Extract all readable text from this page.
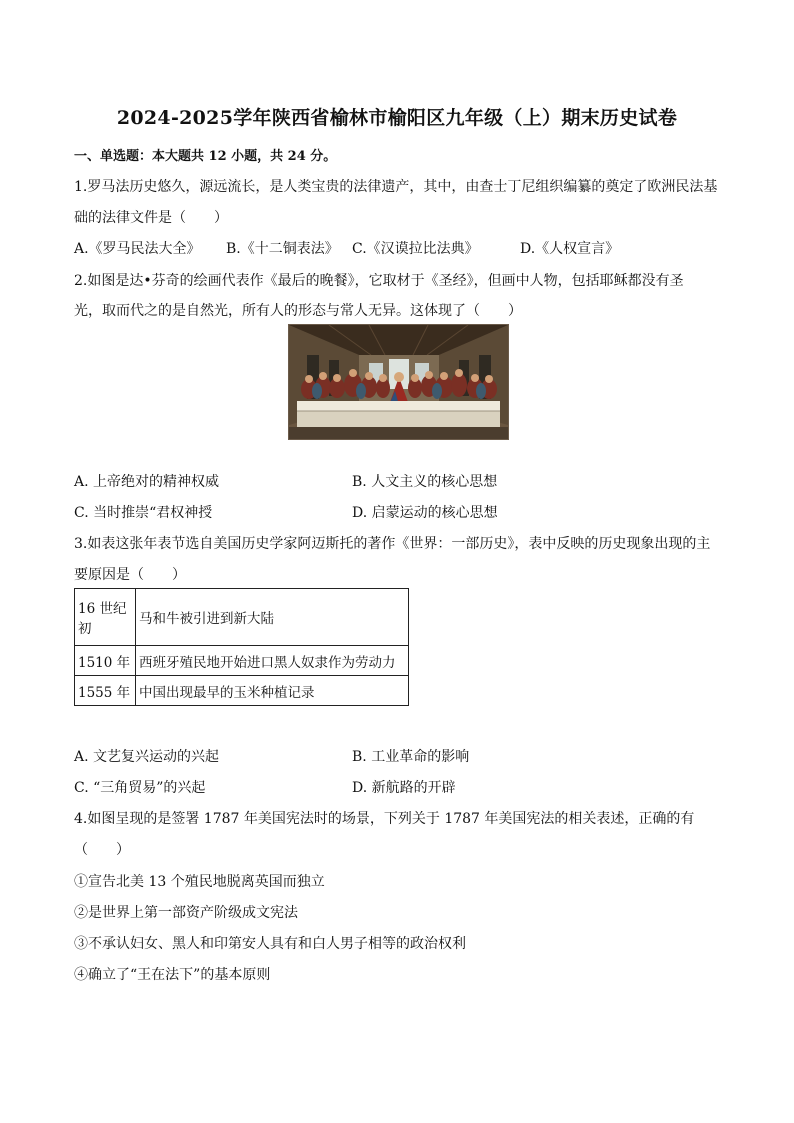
2024-2025学年陕西省榆林市榆阳区九年级（上）期末历史试卷
一、单选题：本大题共 12 小题，共 24 分。
1.罗马法历史悠久，源远流长，是人类宝贵的法律遗产，其中，由查士丁尼组织编纂的奠定了欧洲民法基
础的法律文件是（　　）
A.《罗马民法大全》 B.《十二铜表法》 C.《汉谟拉比法典》	D.《人权宣言》
2.如图是达•芬奇的绘画代表作《最后的晚餐》，它取材于《圣经》，但画中人物，包括耶稣都没有圣
光，取而代之的是自然光，所有人的形态与常人无异。这体现了（　　）
A. 上帝绝对的精神权威	B. 人文主义的核心思想
C. 当时推崇“君权神授	D. 启蒙运动的核心思想
3.如表这张年表节选自美国历史学家阿迈斯托的著作《世界：一部历史》，表中反映的历史现象出现的主
要原因是（　　）
16 世纪初	马和牛被引进到新大陆
1510 年	西班牙殖民地开始进口黑人奴隶作为劳动力
1555 年	中国出现最早的玉米种植记录
A. 文艺复兴运动的兴起	B. 工业革命的影响
C. “三角贸易”的兴起	D. 新航路的开辟
4.如图呈现的是签署 1787 年美国宪法时的场景，下列关于 1787 年美国宪法的相关表述，正确的有
（　　）
①宣告北美 13 个殖民地脱离英国而独立
②是世界上第一部资产阶级成文宪法
③不承认妇女、黑人和印第安人具有和白人男子相等的政治权利
④确立了“王在法下”的基本原则
